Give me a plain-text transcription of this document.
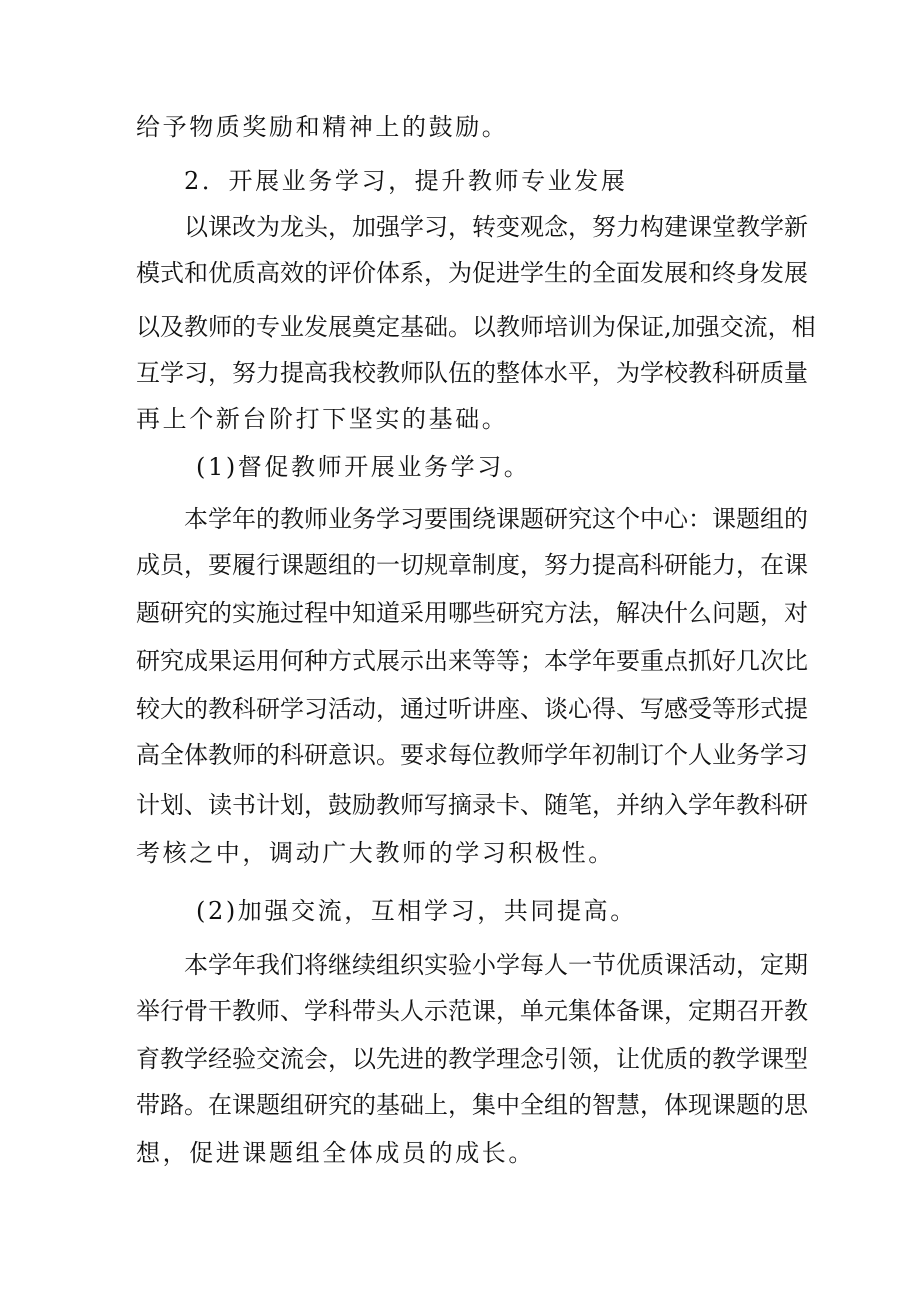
给予物质奖励和精神上的鼓励。
2．开展业务学习，提升教师专业发展
以课改为龙头，加强学习，转变观念，努力构建课堂教学新
模式和优质高效的评价体系，为促进学生的全面发展和终身发展
以及教师的专业发展奠定基础。以教师培训为保证,加强交流，相
互学习，努力提高我校教师队伍的整体水平，为学校教科研质量
再上个新台阶打下坚实的基础。
(1)督促教师开展业务学习。
本学年的教师业务学习要围绕课题研究这个中心：课题组的
成员，要履行课题组的一切规章制度，努力提高科研能力，在课
题研究的实施过程中知道采用哪些研究方法，解决什么问题，对
研究成果运用何种方式展示出来等等；本学年要重点抓好几次比
较大的教科研学习活动，通过听讲座、谈心得、写感受等形式提
高全体教师的科研意识。要求每位教师学年初制订个人业务学习
计划、读书计划，鼓励教师写摘录卡、随笔，并纳入学年教科研
考核之中，调动广大教师的学习积极性。
(2)加强交流，互相学习，共同提高。
本学年我们将继续组织实验小学每人一节优质课活动，定期
举行骨干教师、学科带头人示范课，单元集体备课，定期召开教
育教学经验交流会，以先进的教学理念引领，让优质的教学课型
带路。在课题组研究的基础上，集中全组的智慧，体现课题的思
想，促进课题组全体成员的成长。
